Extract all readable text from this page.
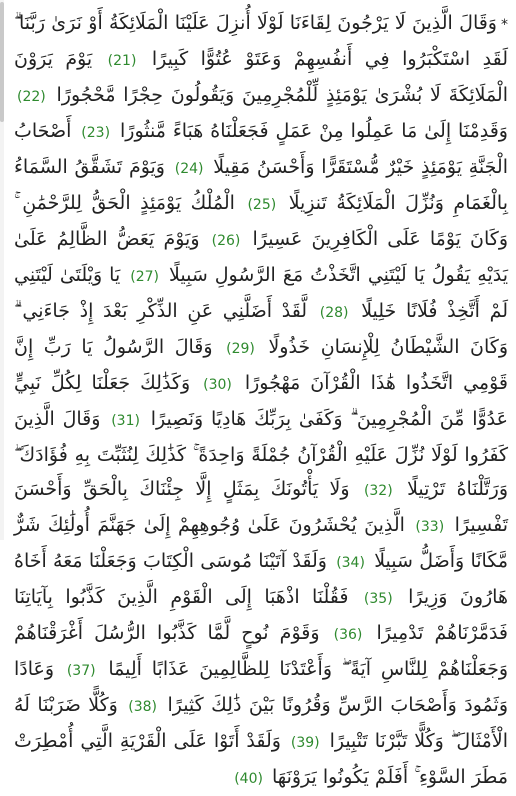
*وَقَالَ الَّذِينَ لَا يَرْجُونَ لِقَاءَنَا لَوْلَا أُنزِلَ عَلَيْنَا الْمَلَائِكَةُ أَوْ نَرَىٰ رَبَّنَا ۗ لَقَدِ اسْتَكْبَرُوا فِي أَنفُسِهِمْ وَعَتَوْ عُتُوًّا كَبِيرًا (21) يَوْمَ يَرَوْنَ الْمَلَائِكَةَ لَا بُشْرَىٰ يَوْمَئِذٍ لِّلْمُجْرِمِينَ وَيَقُولُونَ حِجْرًا مَّحْجُورًا (22) وَقَدِمْنَا إِلَىٰ مَا عَمِلُوا مِنْ عَمَلٍ فَجَعَلْنَاهُ هَبَاءً مَّنثُورًا (23) أَصْحَابُ الْجَنَّةِ يَوْمَئِذٍ خَيْرٌ مُّسْتَقَرًّا وَأَحْسَنُ مَقِيلًا (24) وَيَوْمَ تَشَقَّقُ السَّمَاءُ بِالْغَمَامِ وَنُزِّلَ الْمَلَائِكَةُ تَنزِيلًا (25) الْمُلْكُ يَوْمَئِذٍ الْحَقُّ لِلرَّحْمَٰنِ ۚ وَكَانَ يَوْمًا عَلَى الْكَافِرِينَ عَسِيرًا (26) وَيَوْمَ يَعَضُّ الظَّالِمُ عَلَىٰ يَدَيْهِ يَقُولُ يَا لَيْتَنِي اتَّخَذْتُ مَعَ الرَّسُولِ سَبِيلًا (27) يَا وَيْلَتَىٰ لَيْتَنِي لَمْ أَتَّخِذْ فُلَانًا خَلِيلًا (28) لَّقَدْ أَضَلَّنِي عَنِ الذِّكْرِ بَعْدَ إِذْ جَاءَنِي ۗ وَكَانَ الشَّيْطَانُ لِلْإِنسَانِ خَذُولًا (29) وَقَالَ الرَّسُولُ يَا رَبِّ إِنَّ قَوْمِي اتَّخَذُوا هَٰذَا الْقُرْآنَ مَهْجُورًا (30) وَكَذَٰلِكَ جَعَلْنَا لِكُلِّ نَبِيٍّ عَدُوًّا مِّنَ الْمُجْرِمِينَ ۗ وَكَفَىٰ بِرَبِّكَ هَادِيًا وَنَصِيرًا (31) وَقَالَ الَّذِينَ كَفَرُوا لَوْلَا نُزِّلَ عَلَيْهِ الْقُرْآنُ جُمْلَةً وَاحِدَةً ۚ كَذَٰلِكَ لِنُثَبِّتَ بِهِ فُؤَادَكَ ۖ وَرَتَّلْنَاهُ تَرْتِيلًا (32) وَلَا يَأْتُونَكَ بِمَثَلٍ إِلَّا جِئْنَاكَ بِالْحَقِّ وَأَحْسَنَ تَفْسِيرًا (33) الَّذِينَ يُحْشَرُونَ عَلَىٰ وُجُوهِهِمْ إِلَىٰ جَهَنَّمَ أُولَٰئِكَ شَرٌّ مَّكَانًا وَأَضَلُّ سَبِيلًا (34) وَلَقَدْ آتَيْنَا مُوسَى الْكِتَابَ وَجَعَلْنَا مَعَهُ أَخَاهُ هَارُونَ وَزِيرًا (35) فَقُلْنَا اذْهَبَا إِلَى الْقَوْمِ الَّذِينَ كَذَّبُوا بِآيَاتِنَا فَدَمَّرْنَاهُمْ تَدْمِيرًا (36) وَقَوْمَ نُوحٍ لَّمَّا كَذَّبُوا الرُّسُلَ أَغْرَقْنَاهُمْ وَجَعَلْنَاهُمْ لِلنَّاسِ آيَةً ۖ وَأَعْتَدْنَا لِلظَّالِمِينَ عَذَابًا أَلِيمًا (37) وَعَادًا وَثَمُودَ وَأَصْحَابَ الرَّسِّ وَقُرُونًا بَيْنَ ذَٰلِكَ كَثِيرًا (38) وَكُلًّا ضَرَبْنَا لَهُ الْأَمْثَالَ ۖ وَكُلًّا تَبَّرْنَا تَتْبِيرًا (39) وَلَقَدْ أَتَوْا عَلَى الْقَرْيَةِ الَّتِي أُمْطِرَتْ مَطَرَ السَّوْءِ ۚ أَفَلَمْ يَكُونُوا يَرَوْنَهَا (40)
